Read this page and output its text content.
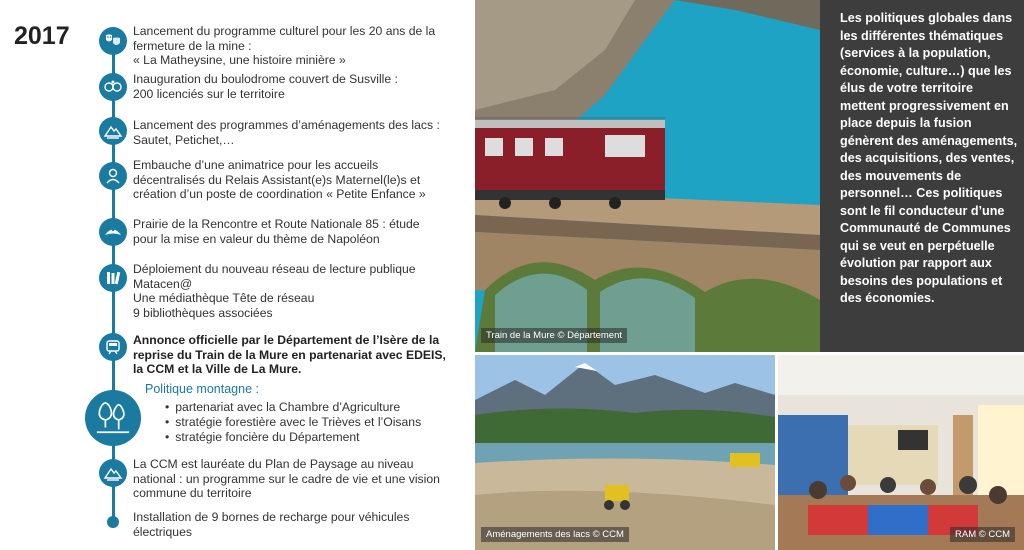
2017	Lancement du programme culturel pour les 20 ans de la
fermeture de la mine :
« La Matheysine, une histoire minière »
Inauguration du boulodrome couvert de Susville :
200 licenciés sur le territoire
Lancement des programmes d’aménagements des lacs :
Sautet, Petichet,…
Embauche d’une animatrice pour les accueils
décentralisés du Relais Assistant(e)s Maternel(le)s et
création d’un poste de coordination « Petite Enfance »
Prairie de la Rencontre et Route Nationale 85 : étude
pour la mise en valeur du thème de Napoléon
Déploiement du nouveau réseau de lecture publique
Matacen@
Une médiathèque Tête de réseau
9 bibliothèques associées
Annonce officielle par le Département de l’Isère de la
reprise du Train de la Mure en partenariat avec EDEIS,
la CCM et la Ville de La Mure.
Politique montagne :
• partenariat avec la Chambre d’Agriculture
• stratégie forestière avec le Trièves et l’Oisans
• stratégie foncière du Département
La CCM est lauréate du Plan de Paysage au niveau
national : un programme sur le cadre de vie et une vision
commune du territoire
Installation de 9 bornes de recharge pour véhicules
électriques
Train de la Mure © Département
Aménagements des lacs © CCM	RAM © CCM
Les politiques globales dans les différentes thématiques (services à la population, économie, culture…) que les élus de votre territoire mettent progressivement en place depuis la fusion génèrent des aménagements, des acquisitions, des ventes, des mouvements de personnel… Ces politiques sont le fil conducteur d’une Communauté de Communes qui se veut en perpétuelle évolution par rapport aux besoins des populations et des économies.
